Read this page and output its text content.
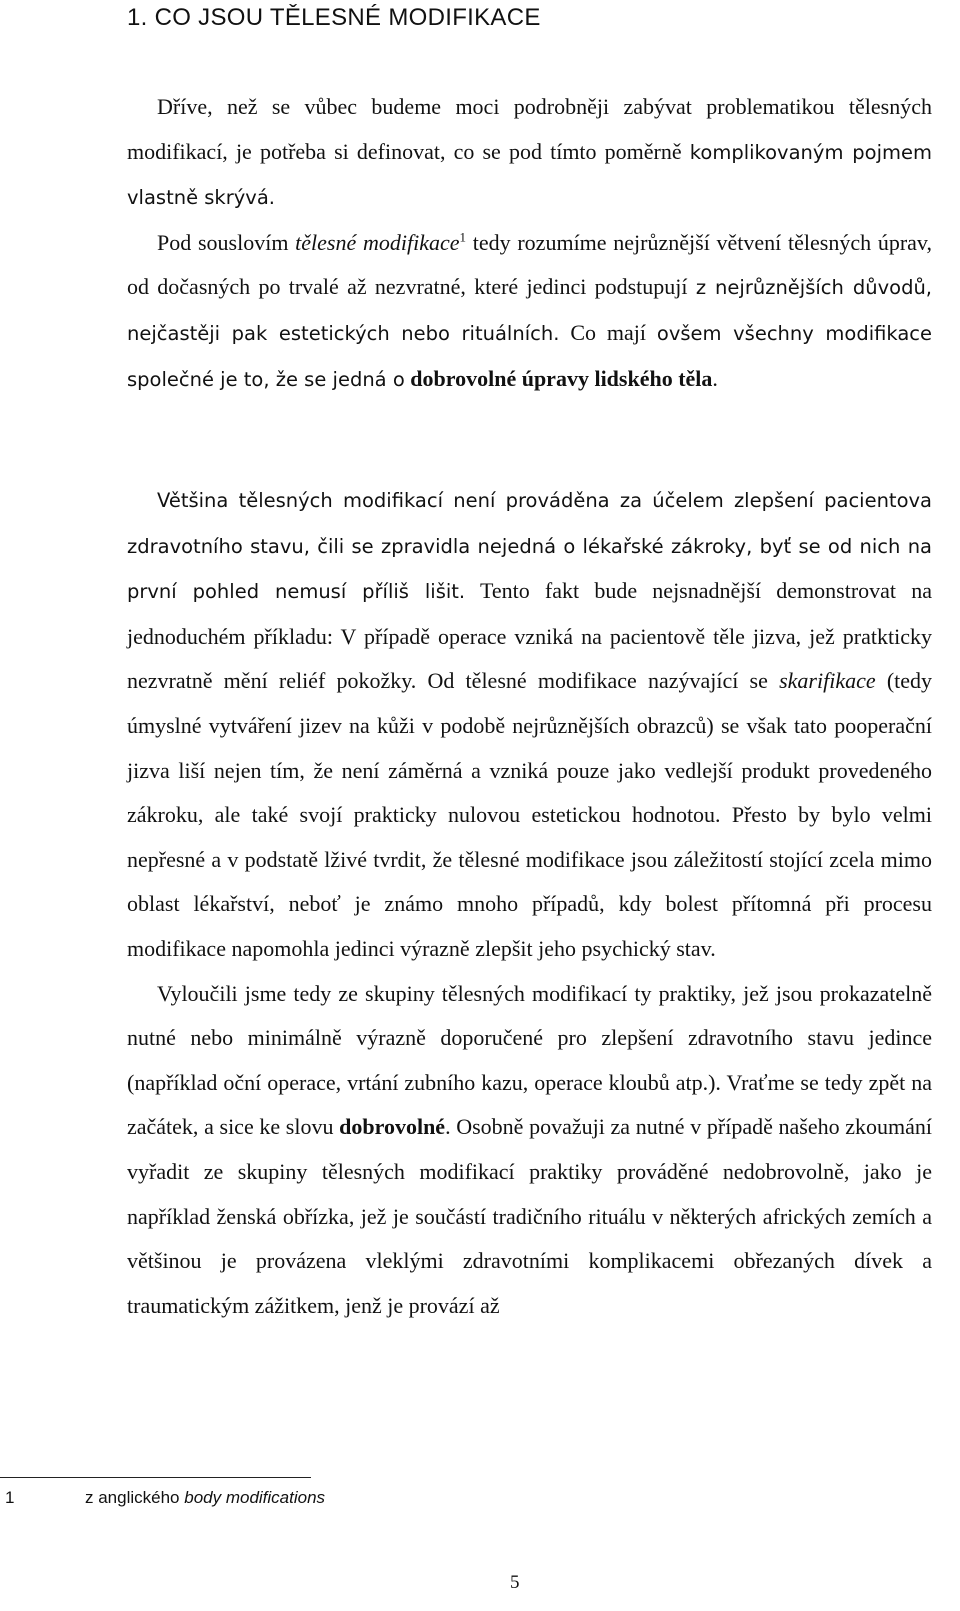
1. CO JSOU TĚLESNÉ MODIFIKACE

Dříve, než se vůbec budeme moci podrobněji zabývat problematikou tělesných modifikací, je potřeba si definovat, co se pod tímto poměrně komplikovaným pojmem vlastně skrývá.

Pod souslovím tělesné modifikace$^1$ tedy rozumíme nejrůznější větvení tělesných úprav, od dočasných po trvalé až nezvratné, které jedinci podstupují z nejrůznějších důvodů, nejčastěji pak estetických nebo rituálních. Co mají ovšem všechny modifikace společné je to, že se jedná o dobrovolné úpravy lidského těla.

Většina tělesných modifikací není prováděna za účelem zlepšení pacientova zdravotního stavu, čili se zpravidla nejedná o lékařské zákroky, byť se od nich na první pohled nemusí příliš lišit. Tento fakt bude nejsnadnější demonstrovat na jednoduchém příkladu: V případě operace vzniká na pacientově těle jizva, jež pratkticky nezvratně mění reliéf pokožky. Od tělesné modifikace nazývající se skarifikace (tedy úmyslné vytváření jizev na kůži v podobě nejrůznějších obrazců) se však tato pooperační jizva liší nejen tím, že není záměrná a vzniká pouze jako vedlejší produkt provedeného zákroku, ale také svojí prakticky nulovou estetickou hodnotou. Přesto by bylo velmi nepřesné a v podstatě lživé tvrdit, že tělesné modifikace jsou záležitostí stojící zcela mimo oblast lékařství, neboť je známo mnoho případů, kdy bolest přítomná při procesu modifikace napomohla jedinci výrazně zlepšit jeho psychický stav.

Vyloučili jsme tedy ze skupiny tělesných modifikací ty praktiky, jež jsou prokazatelně nutné nebo minimálně výrazně doporučené pro zlepšení zdravotního stavu jedince (například oční operace, vrtání zubního kazu, operace kloubů atp.). Vraťme se tedy zpět na začátek, a sice ke slovu dobrovolné. Osobně považuji za nutné v případě našeho zkoumání vyřadit ze skupiny tělesných modifikací praktiky prováděné nedobrovolně, jako je například ženská obřízka, jež je součástí tradičního rituálu v některých afrických zemích a většinou je provázena vleklými zdravotními komplikacemi obřezaných dívek a traumatickým zážitkem, jenž je provází až

1	z anglického body modifications
5
